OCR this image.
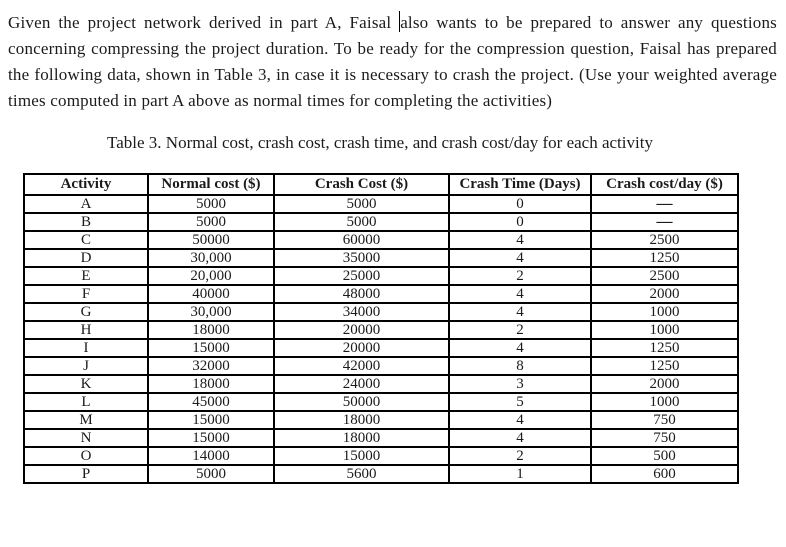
Given the project network derived in part A, Faisal also wants to be prepared to answer any questions concerning compressing the project duration. To be ready for the compression question, Faisal has prepared the following data, shown in Table 3, in case it is necessary to crash the project. (Use your weighted average times computed in part A above as normal times for completing the activities)

Table 3. Normal cost, crash cost, crash time, and crash cost/day for each activity
Activity	Normal cost ($)	Crash Cost ($)	Crash Time (Days)	Crash cost/day ($)
A	5000	5000	0	—
B	5000	5000	0	—
C	50000	60000	4	2500
D	30,000	35000	4	1250
E	20,000	25000	2	2500
F	40000	48000	4	2000
G	30,000	34000	4	1000
H	18000	20000	2	1000
I	15000	20000	4	1250
J	32000	42000	8	1250
K	18000	24000	3	2000
L	45000	50000	5	1000
M	15000	18000	4	750
N	15000	18000	4	750
O	14000	15000	2	500
P	5000	5600	1	600
